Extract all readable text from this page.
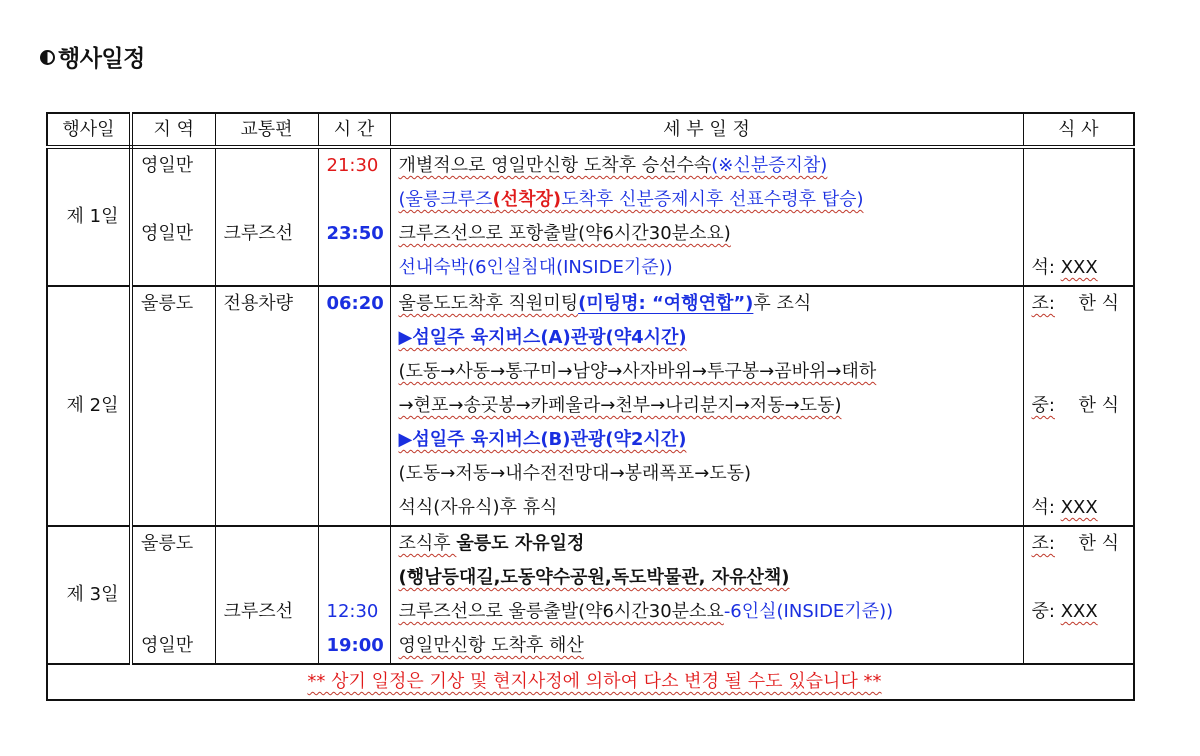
행사일정
행사일	지 역	교통편	시 간	세 부 일 정	식 사
제 1일	영일만		21:30	개별적으로 영일만신항 도착후 승선수속(※신분증지참)	
				(울릉크루즈(선착장)도착후 신분증제시후 선표수령후 탑승)	
	영일만	크루즈선	23:50	크루즈선으로 포항출발(약6시간30분소요)	
				선내숙박(6인실침대(INSIDE기준))	석: XXX
제 2일	울릉도	전용차량	06:20	울릉도도착후 직원미팅(미팅명: “여행연합”)후 조식	조: 한 식

				▶섬일주 육지버스(A)관광(약4시간)	
				(도동→사동→통구미→남양→사자바위→투구봉→곰바위→태하	
				→현포→송곳봉→카페울라→천부→나리분지→저동→도동)	중: 한 식

				▶섬일주 육지버스(B)관광(약2시간)	
				(도동→저동→내수전전망대→봉래폭포→도동)	
				석식(자유식)후 휴식	석: XXX
제 3일	울릉도			조식후 울릉도 자유일정	조: 한 식

				(행남등대길,도동약수공원,독도박물관, 자유산책)	
		크루즈선	12:30	크루즈선으로 울릉출발(약6시간30분소요-6인실(INSIDE기준))	중: XXX
	영일만		19:00	영일만신항 도착후 해산	
** 상기 일정은 기상 및 현지사정에 의하여 다소 변경 될 수도 있습니다 **					
